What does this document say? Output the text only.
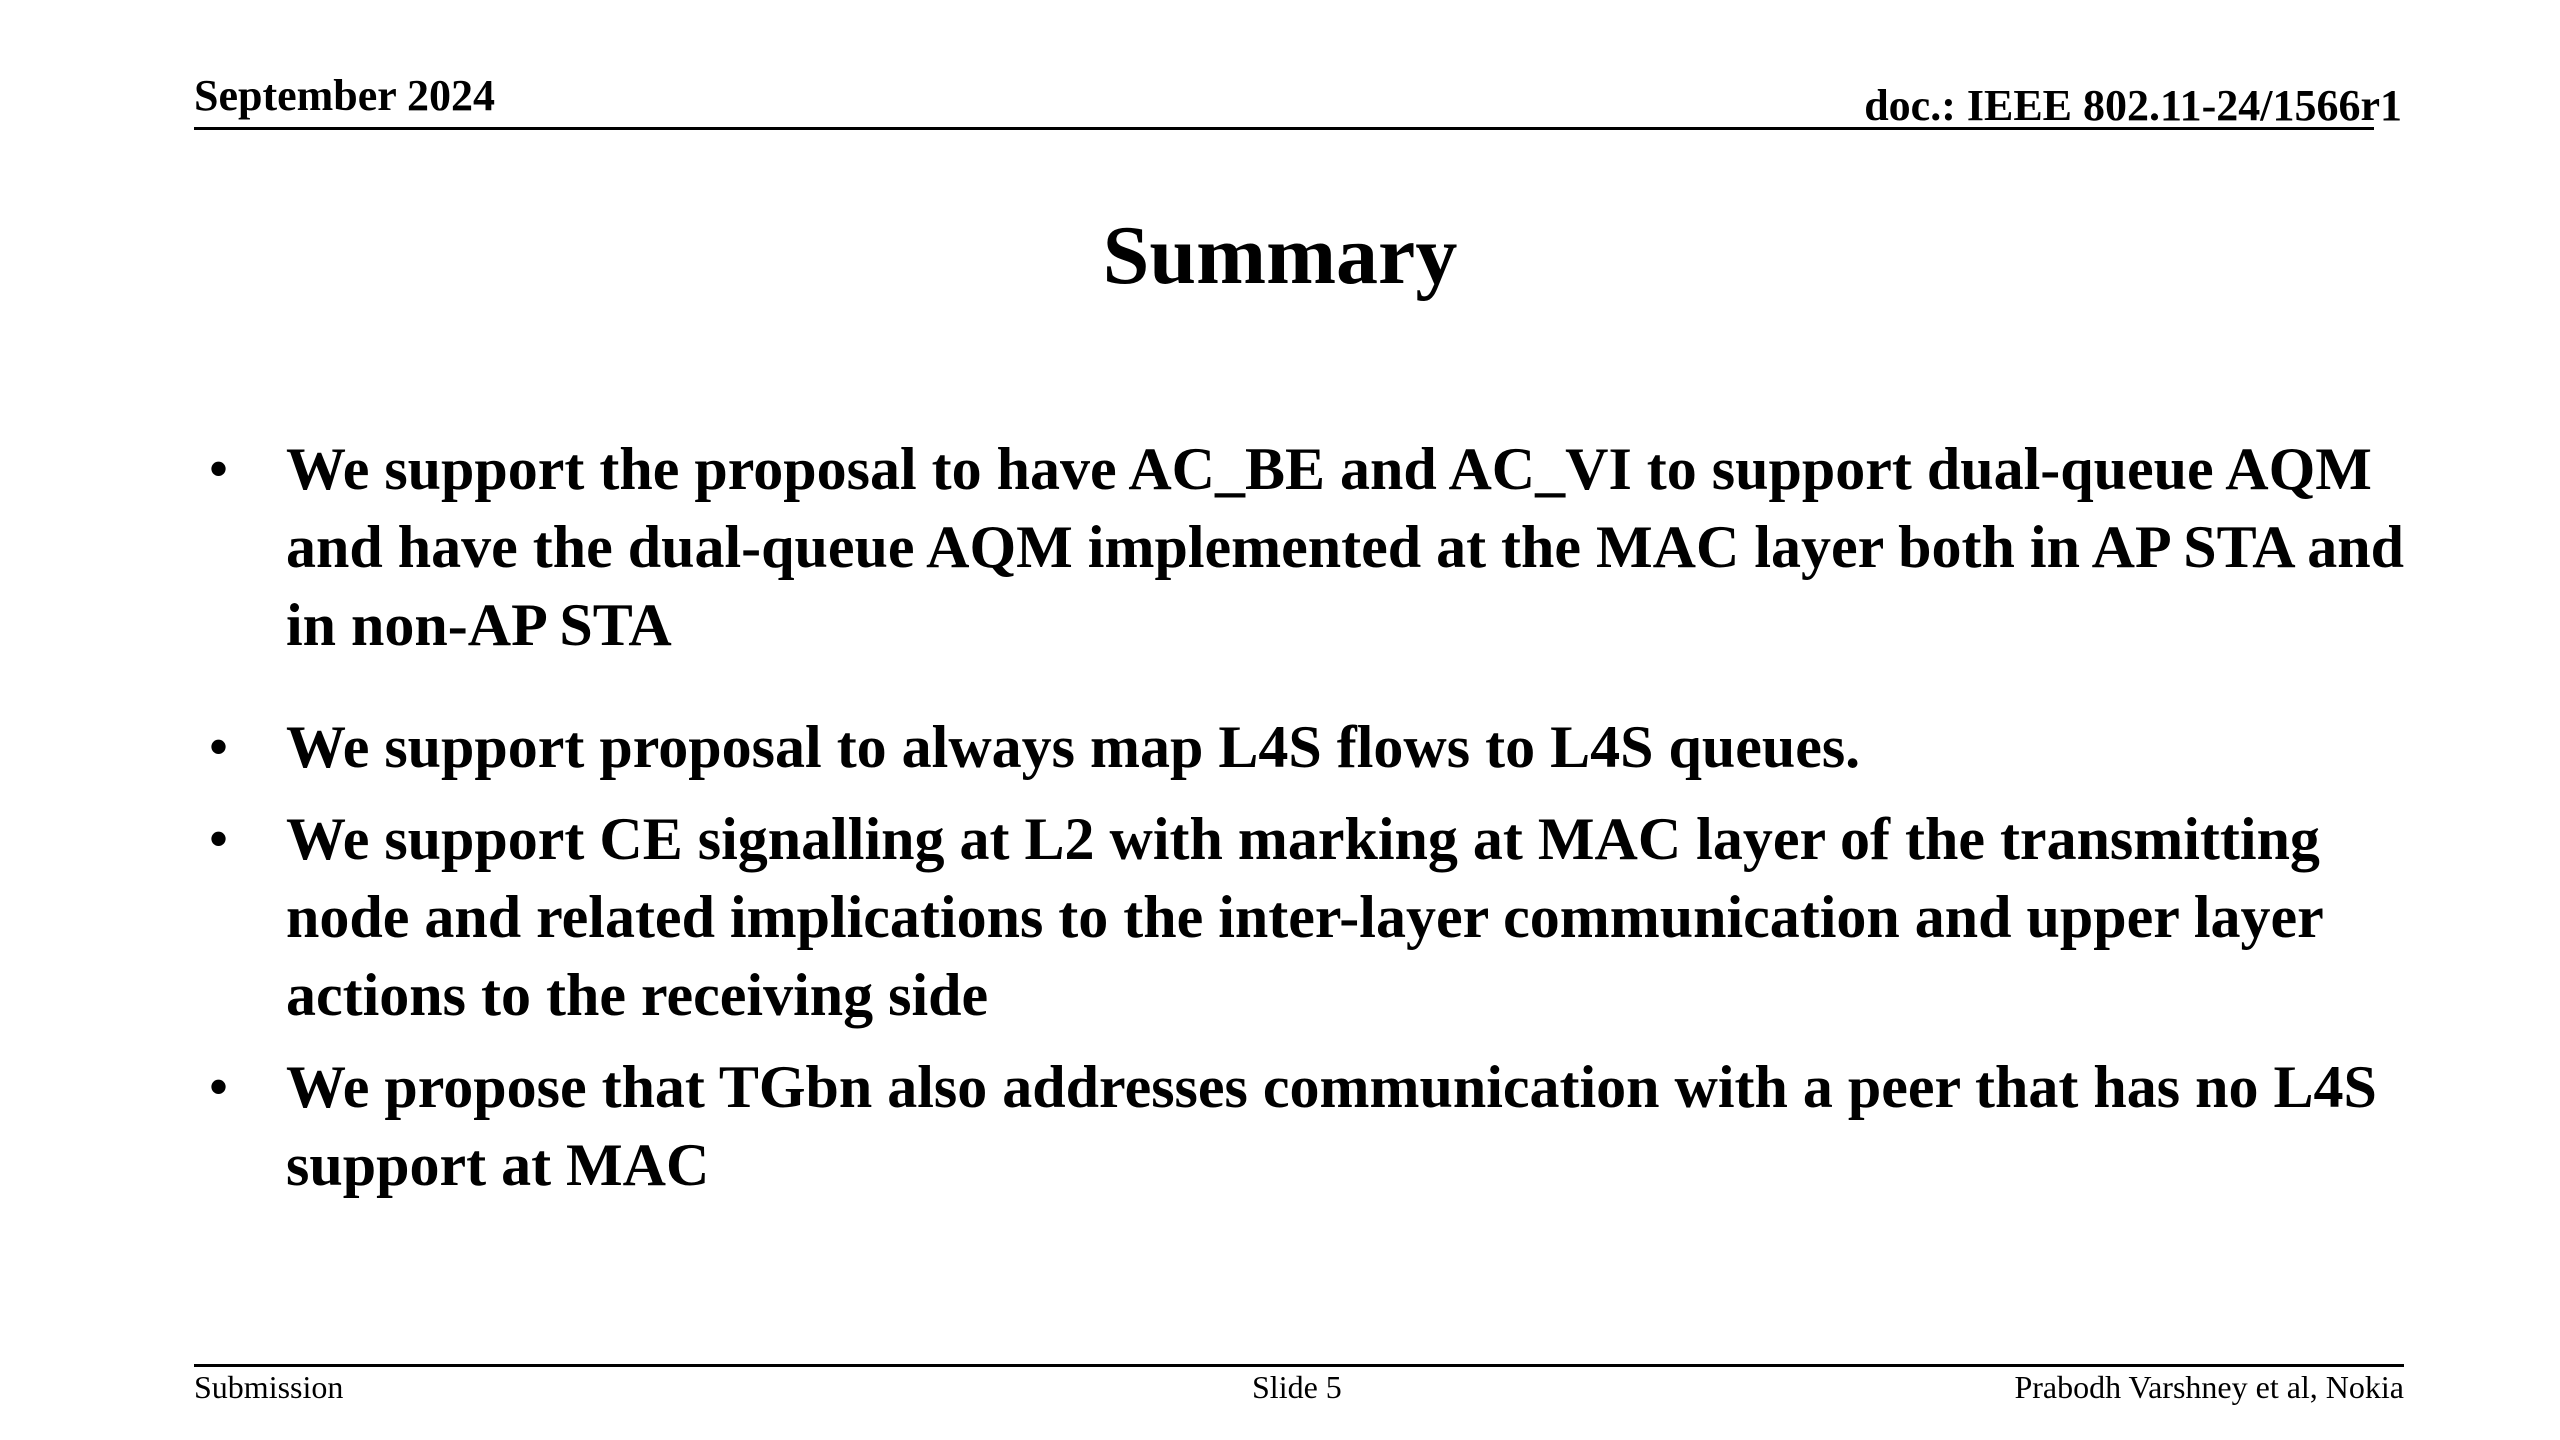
September 2024	doc.: IEEE 802.11-24/1566r1
Summary
• We support the proposal to have AC_BE and AC_VI to support dual-queue AQM and have the dual-queue AQM implemented at the MAC layer both in AP STA and in non-AP STA
• We support proposal to always map L4S flows to L4S queues.
• We support CE signalling at L2 with marking at MAC layer of the transmitting node and related implications to the inter-layer communication and upper layer actions to the receiving side
• We propose that TGbn also addresses communication with a peer that has no L4S support at MAC
Submission	Slide 5	Prabodh Varshney et al, Nokia
